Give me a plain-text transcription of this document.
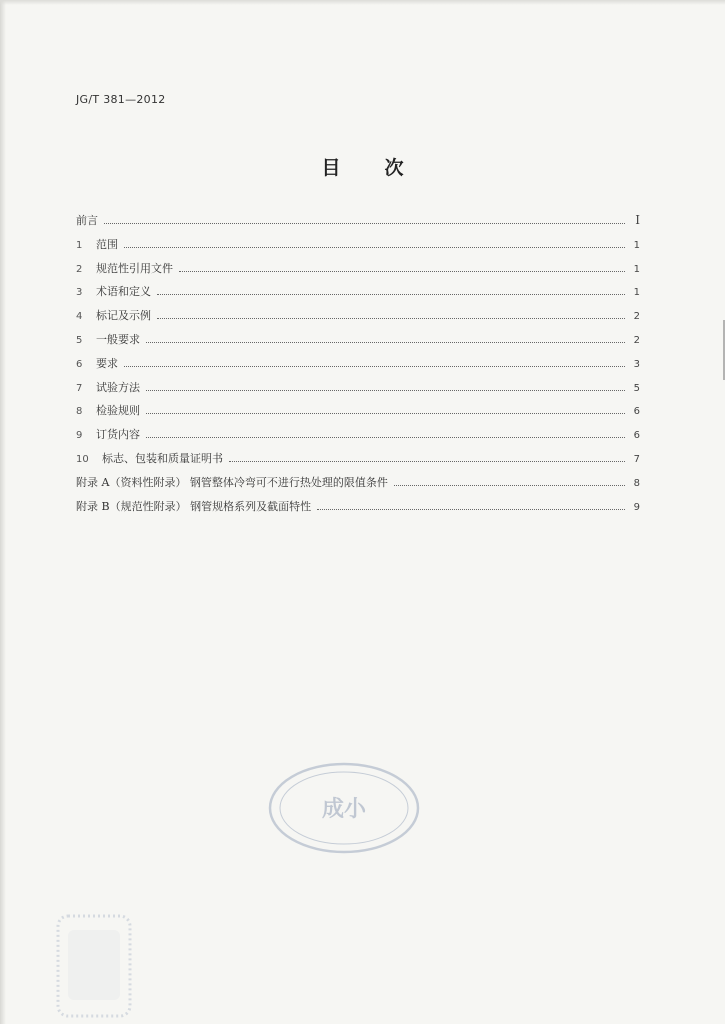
JG/T 381—2012
目次
前言	I
1	范围	1
2	规范性引用文件	1
3	术语和定义	1
4	标记及示例	2
5	一般要求	2
6	要求	3
7	试验方法	5
8	检验规则	6
9	订货内容	6
10	标志、包装和质量证明书	7
附录 A（资料性附录） 钢管整体冷弯可不进行热处理的限值条件	8
附录 B（规范性附录） 钢管规格系列及截面特性	9
成小
